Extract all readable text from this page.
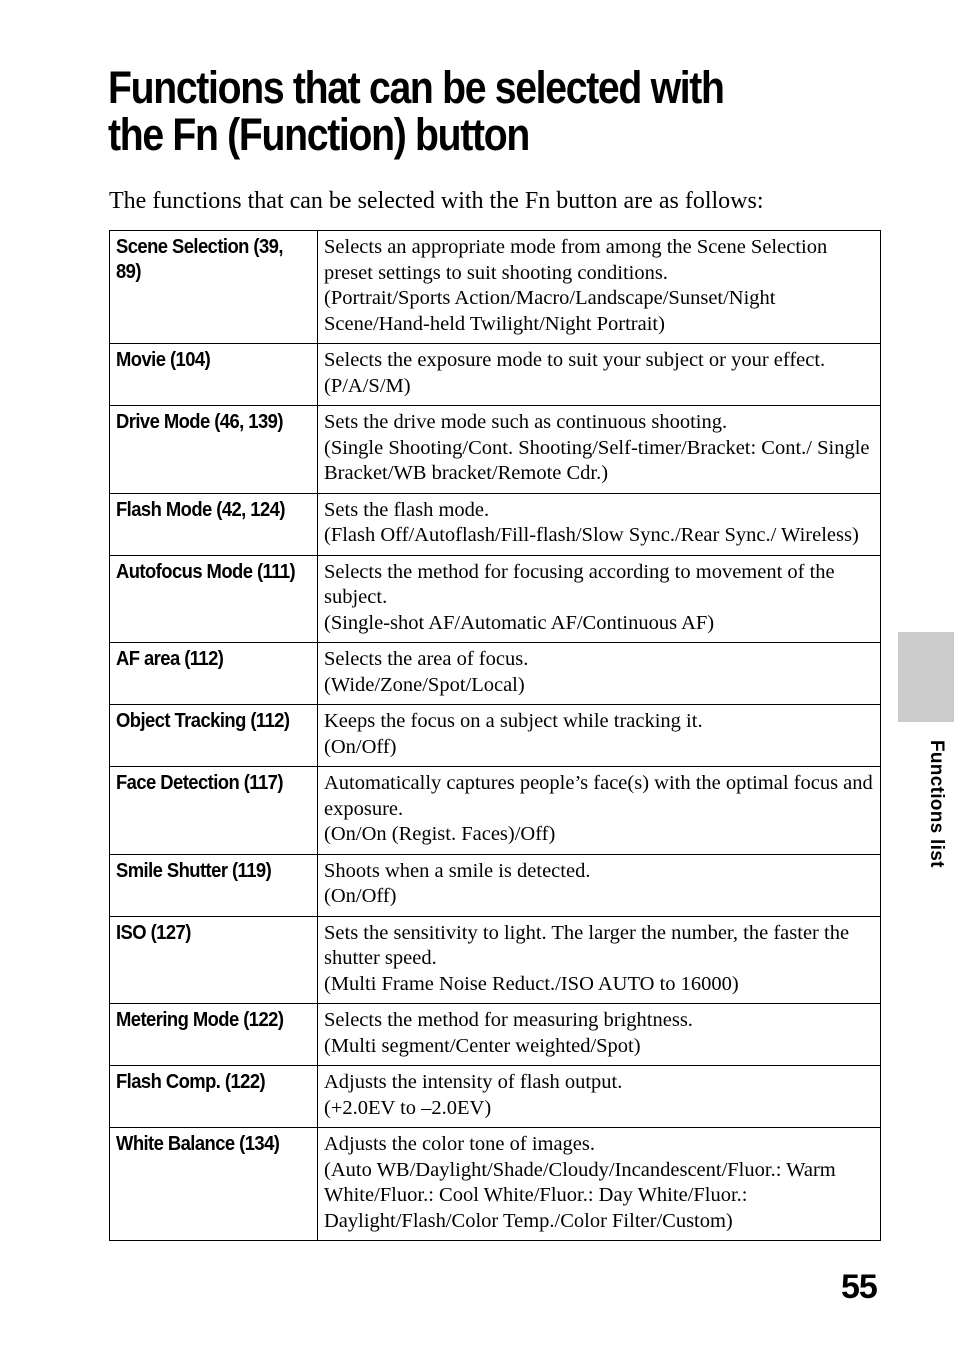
Functions that can be selected with
the Fn (Function) button

The functions that can be selected with the Fn button are as follows:

Scene Selection (39, 89)	Selects an appropriate mode from among the Scene Selection preset settings to suit shooting conditions.
(Portrait/Sports Action/Macro/Landscape/Sunset/Night Scene/Hand-held Twilight/Night Portrait)

Movie (104)	Selects the exposure mode to suit your subject or your effect.
(P/A/S/M)

Drive Mode (46, 139)	Sets the drive mode such as continuous shooting.
(Single Shooting/Cont. Shooting/Self-timer/Bracket: Cont./ Single Bracket/WB bracket/Remote Cdr.)

Flash Mode (42, 124)	Sets the flash mode.
(Flash Off/Autoflash/Fill-flash/Slow Sync./Rear Sync./ Wireless)

Autofocus Mode (111)	Selects the method for focusing according to movement of the subject.
(Single-shot AF/Automatic AF/Continuous AF)

AF area (112)	Selects the area of focus.
(Wide/Zone/Spot/Local)

Object Tracking (112)	Keeps the focus on a subject while tracking it.
(On/Off)

Face Detection (117)	Automatically captures people’s face(s) with the optimal focus and exposure.
(On/On (Regist. Faces)/Off)

Smile Shutter (119)	Shoots when a smile is detected.
(On/Off)

ISO (127)	Sets the sensitivity to light. The larger the number, the faster the shutter speed.
(Multi Frame Noise Reduct./ISO AUTO to 16000)

Metering Mode (122)	Selects the method for measuring brightness.
(Multi segment/Center weighted/Spot)

Flash Comp. (122)	Adjusts the intensity of flash output.
(+2.0EV to –2.0EV)

White Balance (134)	Adjusts the color tone of images.
(Auto WB/Daylight/Shade/Cloudy/Incandescent/Fluor.: Warm White/Fluor.: Cool White/Fluor.: Day White/Fluor.: Daylight/Flash/Color Temp./Color Filter/Custom)
Functions list
55
